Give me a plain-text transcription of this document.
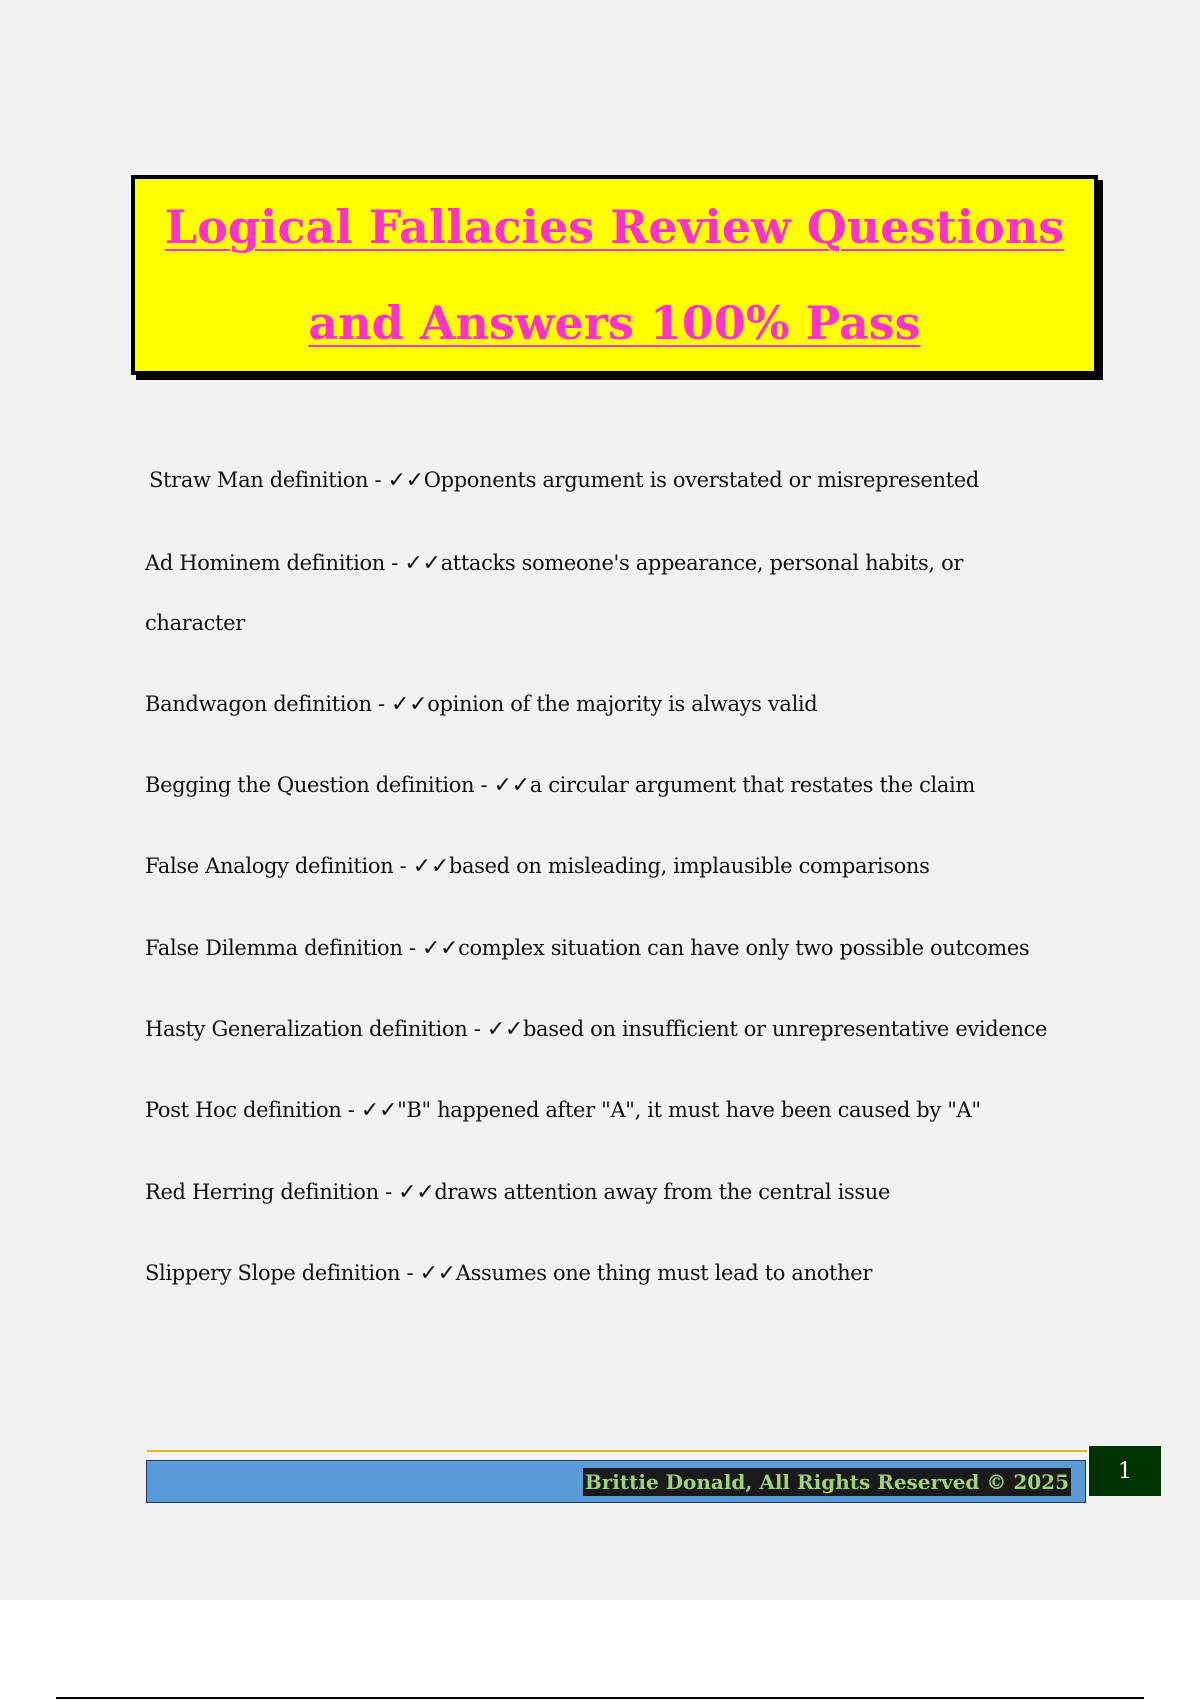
Logical Fallacies Review Questions
and Answers 100% Pass
Straw Man definition - ✓✓Opponents argument is overstated or misrepresented
Ad Hominem definition - ✓✓attacks someone's appearance, personal habits, or
character
Bandwagon definition - ✓✓opinion of the majority is always valid
Begging the Question definition - ✓✓a circular argument that restates the claim
False Analogy definition - ✓✓based on misleading, implausible comparisons
False Dilemma definition - ✓✓complex situation can have only two possible outcomes
Hasty Generalization definition - ✓✓based on insufficient or unrepresentative evidence
Post Hoc definition - ✓✓"B" happened after "A", it must have been caused by "A"
Red Herring definition - ✓✓draws attention away from the central issue
Slippery Slope definition - ✓✓Assumes one thing must lead to another
Brittie Donald, All Rights Reserved © 2025 1
